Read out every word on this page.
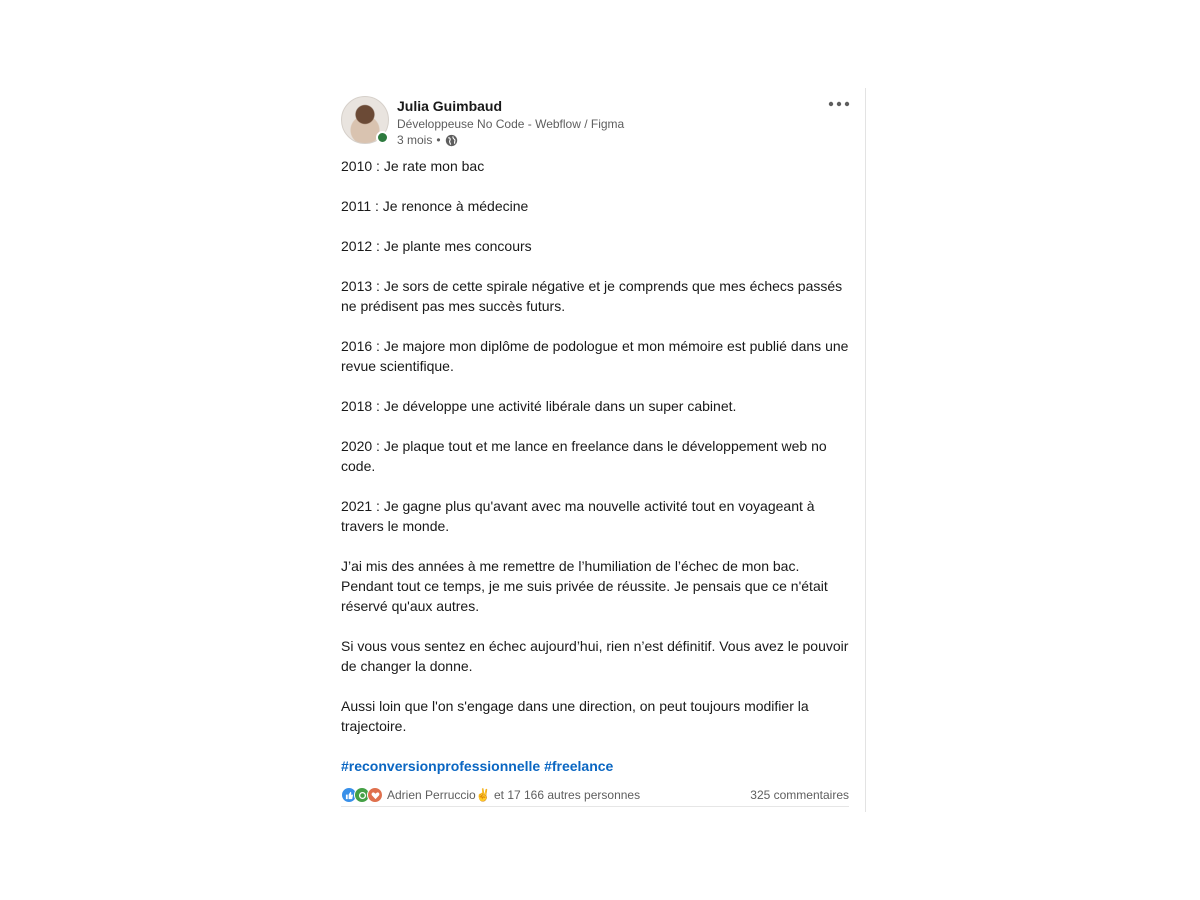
Julia Guimbaud
Développeuse No Code - Webflow / Figma
3 mois •

2010 : Je rate mon bac

2011 : Je renonce à médecine

2012 : Je plante mes concours

2013 : Je sors de cette spirale négative et je comprends que mes échecs passés ne prédisent pas mes succès futurs.

2016 : Je majore mon diplôme de podologue et mon mémoire est publié dans une revue scientifique.

2018 : Je développe une activité libérale dans un super cabinet.

2020 : Je plaque tout et me lance en freelance dans le développement web no code.

2021 : Je gagne plus qu'avant avec ma nouvelle activité tout en voyageant à travers le monde.

J’ai mis des années à me remettre de l’humiliation de l’échec de mon bac. Pendant tout ce temps, je me suis privée de réussite. Je pensais que ce n'était réservé qu'aux autres.

Si vous vous sentez en échec aujourd’hui, rien n’est définitif. Vous avez le pouvoir de changer la donne.

Aussi loin que l'on s'engage dans une direction, on peut toujours modifier la trajectoire.

#reconversionprofessionnelle #freelance
Adrien Perruccio✌️ et 17 166 autres personnes	325 commentaires
